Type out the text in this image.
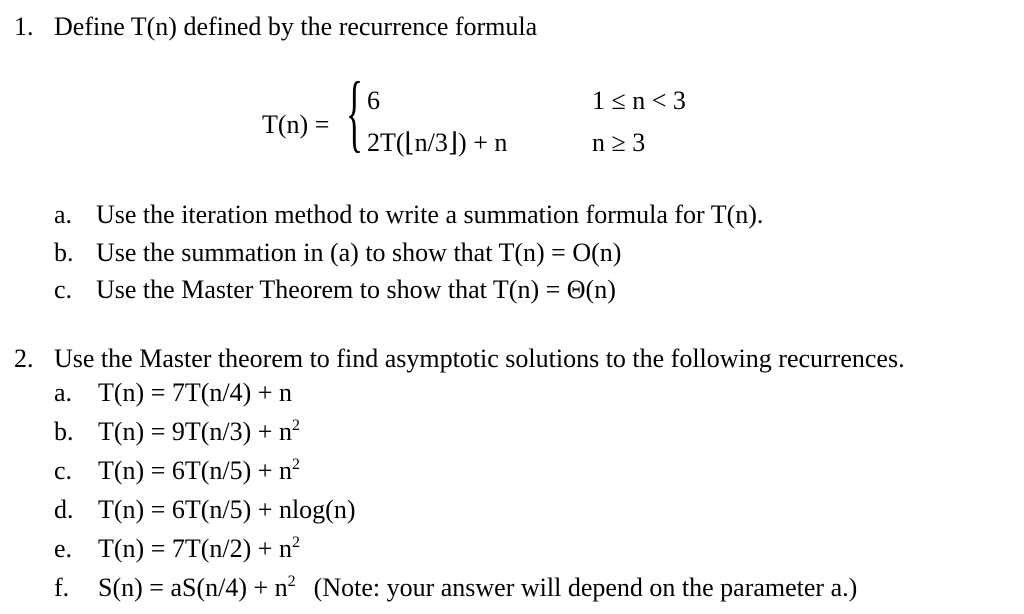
1. Define T(n) defined by the recurrence formula
T(n) = { 6	1 ≤ n < 3
2T(⌊n/3⌋) + n	n ≥ 3
a. Use the iteration method to write a summation formula for T(n).
b. Use the summation in (a) to show that T(n) = O(n)
c. Use the Master Theorem to show that T(n) = Θ(n)
2. Use the Master theorem to find asymptotic solutions to the following recurrences.
a. T(n) = 7T(n/4) + n
b. $T(n) = 9T(n/3) + n^2$
c. $T(n) = 6T(n/5) + n^2$
d. T(n) = 6T(n/5) + nlog(n)
e. $T(n) = 7T(n/2) + n^2$
f. $S(n) = aS(n/4) + n^2$ (Note: your answer will depend on the parameter a.)
